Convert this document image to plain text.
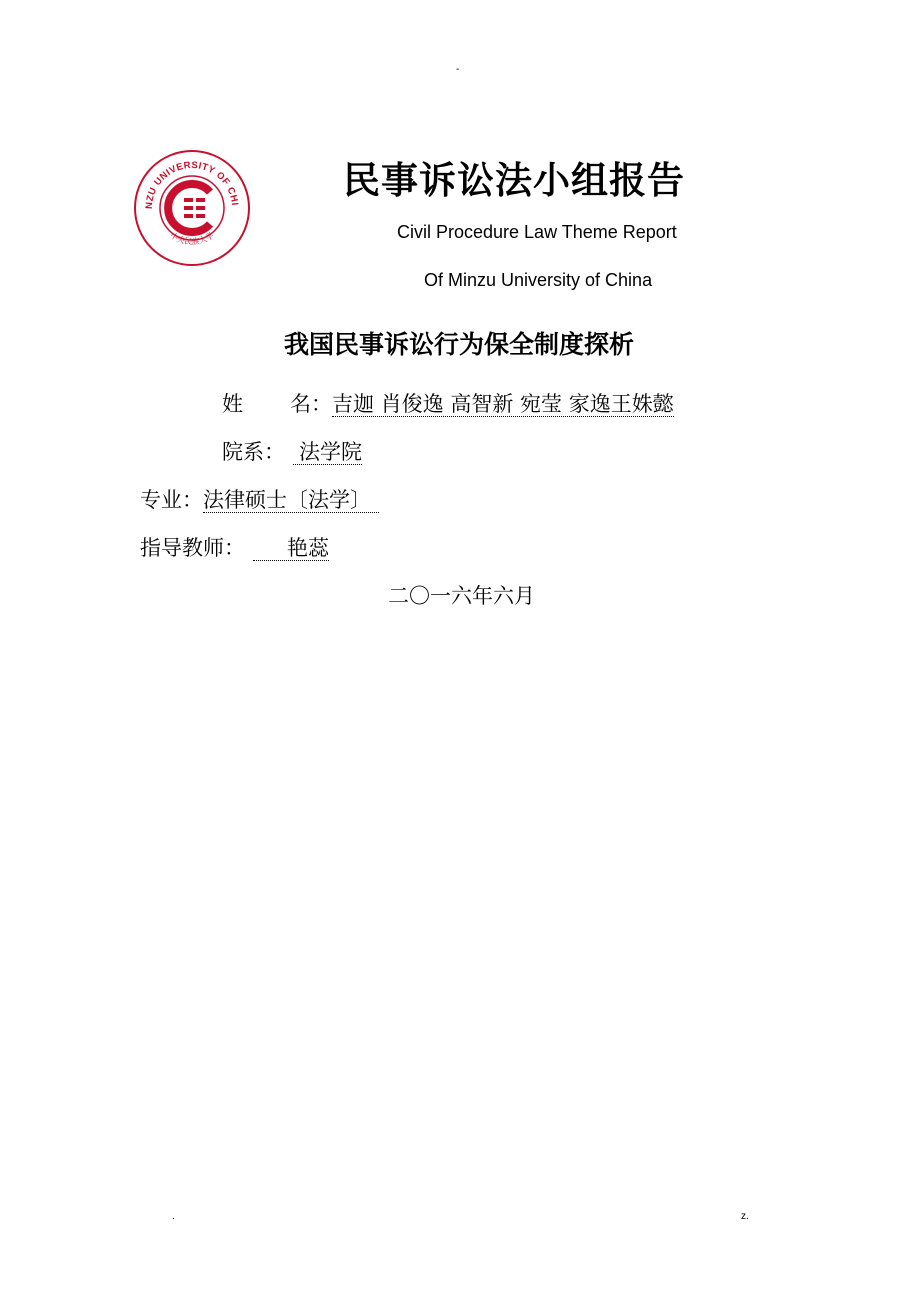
-
NZU UNIVERSITY OF CHI
中央民族大学
民事诉讼法小组报告
Civil Procedure Law Theme Report
Of Minzu University of China
我国民事诉讼行为保全制度探析
姓 名：吉迦 肖俊逸 高智新 宛莹 家逸王姝懿
院系： 法学院
专业：法律硕士〔法学〕
指导教师： 艳蕊
二〇一六年六月
.	z.
